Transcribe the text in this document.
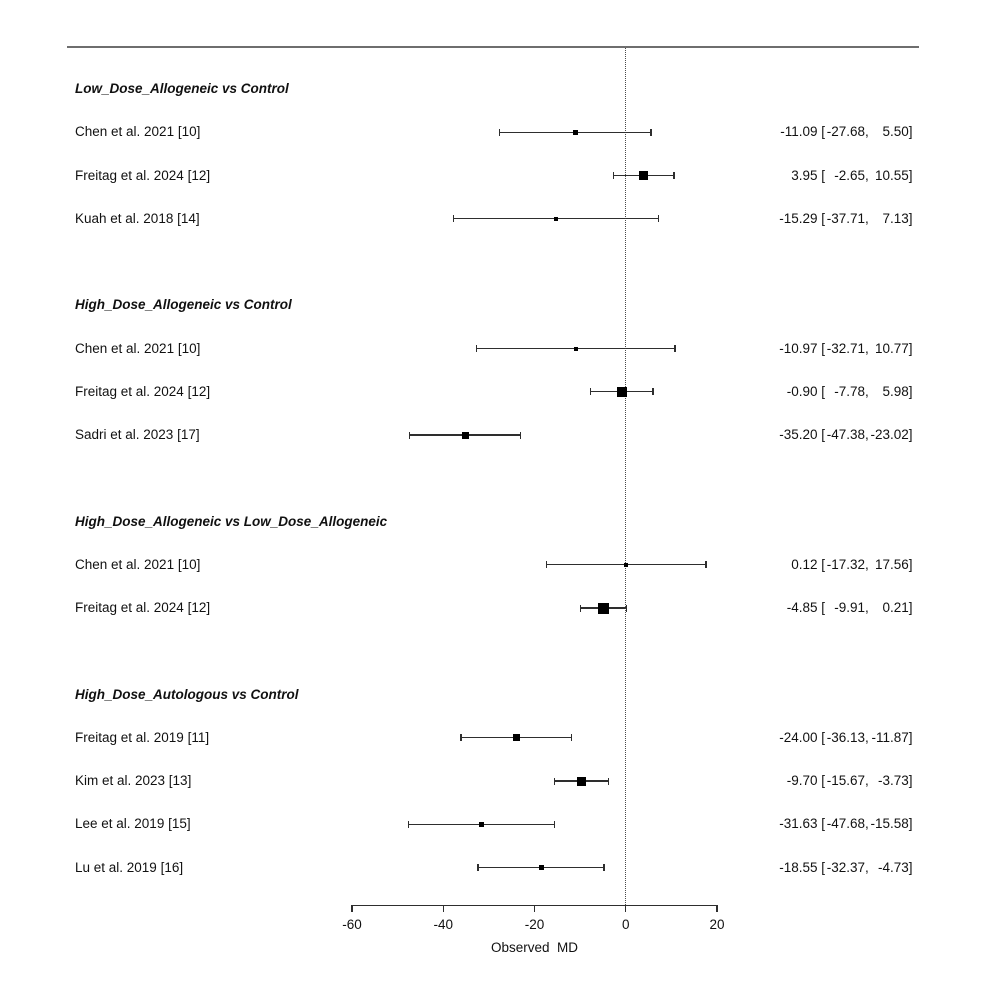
Low_Dose_Allogeneic vs Control
Chen et al. 2021 [10]	-11.09 [ -27.68 ,	5.50 ]
Freitag et al. 2024 [12]	3.95 [ -2.65 , 10.55 ]
Kuah et al. 2018 [14]	-15.29 [ -37.71 ,	7.13 ]
High_Dose_Allogeneic vs Control
Chen et al. 2021 [10]	-10.97 [ -32.71 , 10.77 ]
Freitag et al. 2024 [12]	-0.90 [ -7.78 ,	5.98 ]
Sadri et al. 2023 [17]	-35.20 [ -47.38 , -23.02 ]
High_Dose_Allogeneic vs Low_Dose_Allogeneic
Chen et al. 2021 [10]	0.12 [ -17.32 , 17.56 ]
Freitag et al. 2024 [12]	-4.85 [ -9.91 ,	0.21 ]
High_Dose_Autologous vs Control
Freitag et al. 2019 [11]	-24.00 [ -36.13 , -11.87 ]
Kim et al. 2023 [13]	-9.70 [ -15.67 , -3.73 ]
Lee et al. 2019 [15]	-31.63 [ -47.68 , -15.58 ]
Lu et al. 2019 [16]	-18.55 [ -32.37 , -4.73 ]
-60	-40	-20	0	20
Observed  MD
